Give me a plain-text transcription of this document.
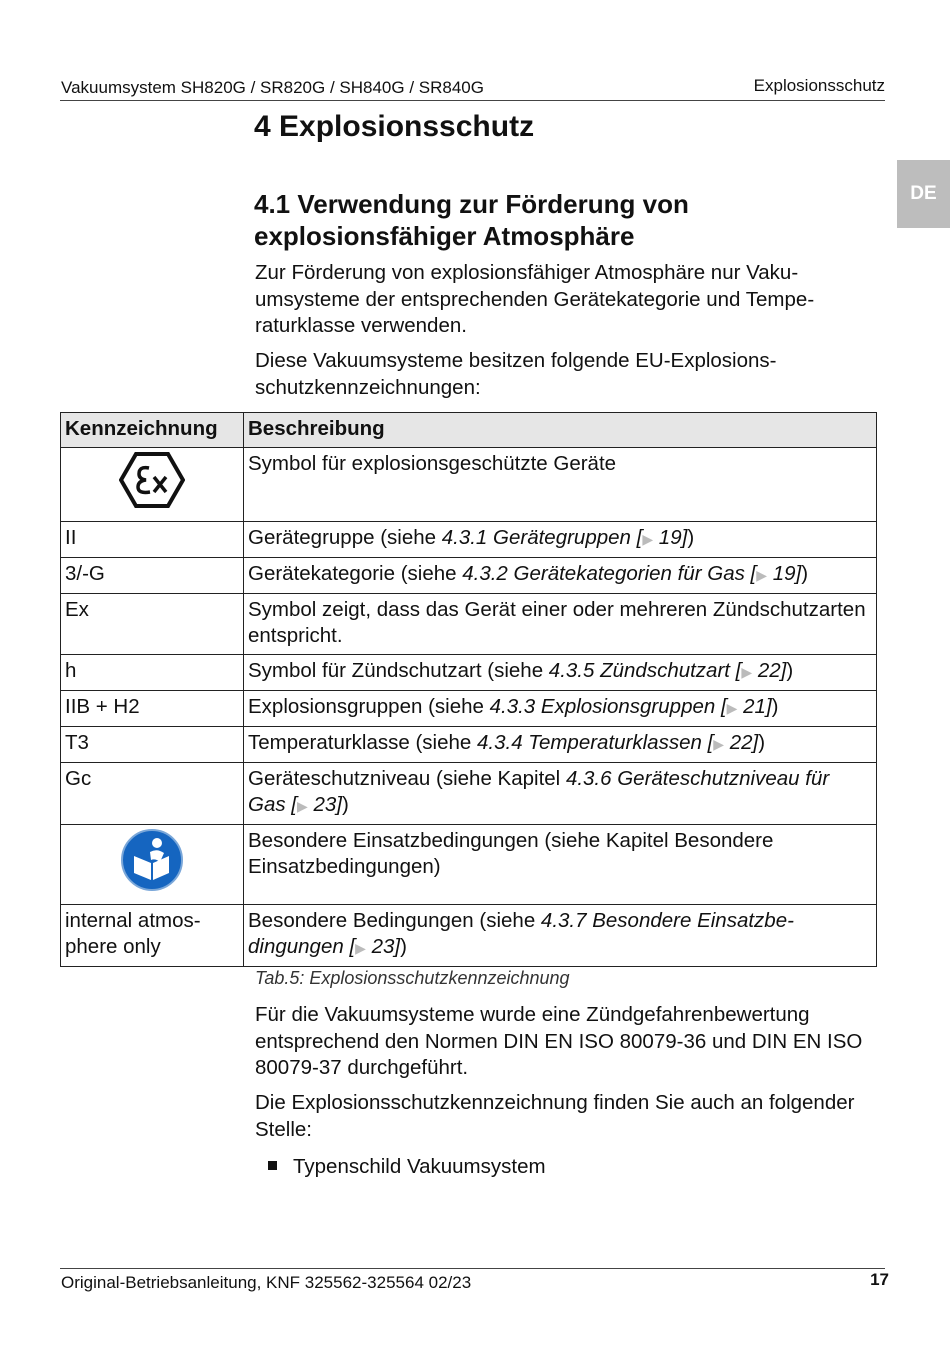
Vakuumsystem SH820G / SR820G / SH840G / SR840G	Explosionsschutz
DE
4 Explosionsschutz
4.1 Verwendung zur Förderung von explosionsfähiger Atmosphäre

Zur Förderung von explosionsfähiger Atmosphäre nur Vakuumsysteme der entsprechenden Gerätekategorie und Temperaturklasse verwenden.

Diese Vakuumsysteme besitzen folgende EU-Explosionsschutzkennzeichnungen:

Kennzeichnung	Beschreibung
	Symbol für explosionsgeschützte Geräte
II	Gerätegruppe (siehe 4.3.1 Gerätegruppen [▶ 19])
3/-G	Gerätekategorie (siehe 4.3.2 Gerätekategorien für Gas [▶ 19])
Ex	Symbol zeigt, dass das Gerät einer oder mehreren Zündschutzarten entspricht.
h	Symbol für Zündschutzart (siehe 4.3.5 Zündschutzart [▶ 22])
IIB + H2	Explosionsgruppen (siehe 4.3.3 Explosionsgruppen [▶ 21])
T3	Temperaturklasse (siehe 4.3.4 Temperaturklassen [▶ 22])
Gc	Geräteschutzniveau (siehe Kapitel 4.3.6 Geräteschutzniveau für Gas [▶ 23])
	Besondere Einsatzbedingungen (siehe Kapitel Besondere Einsatzbedingungen)
internal atmosphere only	Besondere Bedingungen (siehe 4.3.7 Besondere Einsatzbedingungen [▶ 23])
Tab.5: Explosionsschutzkennzeichnung

Für die Vakuumsysteme wurde eine Zündgefahrenbewertung entsprechend den Normen DIN EN ISO 80079-36 und DIN EN ISO 80079-37 durchgeführt.

Die Explosionsschutzkennzeichnung finden Sie auch an folgender Stelle:

Typenschild Vakuumsystem
Original-Betriebsanleitung, KNF 325562-325564 02/23	17
